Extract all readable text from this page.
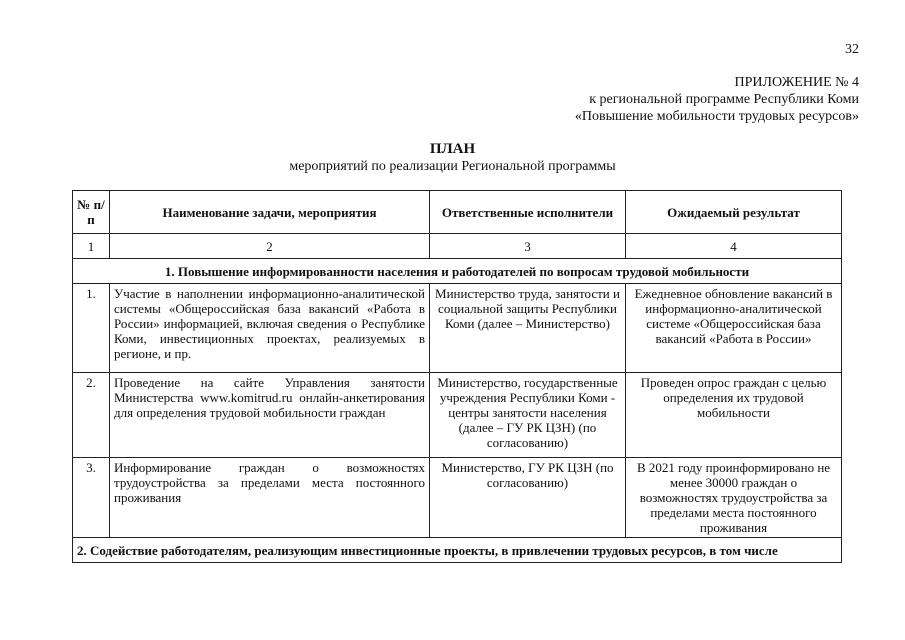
32
ПРИЛОЖЕНИЕ № 4
к региональной программе Республики Коми
«Повышение мобильности трудовых ресурсов»
ПЛАН
мероприятий по реализации Региональной программы
№ п/п	Наименование задачи, мероприятия	Ответственные исполнители	Ожидаемый результат
1	2	3	4
1. Повышение информированности населения и работодателей по вопросам трудовой мобильности			
1.	Участие в наполнении информационно-аналитической системы «Общероссийская база вакансий «Работа в России» информацией, включая сведения о Республике Коми, инвестиционных проектах, реализуемых в регионе, и пр.	Министерство труда, занятости и социальной защиты Республики Коми (далее – Министерство)	Ежедневное обновление вакансий в информационно-аналитической системе «Общероссийская база вакансий «Работа в России»
2.	Проведение на сайте Управления занятости Министерства www.komitrud.ru онлайн-анкетирования для определения трудовой мобильности граждан	Министерство, государственные учреждения Республики Коми - центры занятости населения (далее – ГУ РК ЦЗН) (по согласованию)	Проведен опрос граждан с целью определения их трудовой мобильности
3.	Информирование граждан о возможностях трудоустройства за пределами места постоянного проживания	Министерство, ГУ РК ЦЗН (по согласованию)	В 2021 году проинформировано не менее 30000 граждан о возможностях трудоустройства за пределами места постоянного проживания
2. Содействие работодателям, реализующим инвестиционные проекты, в привлечении трудовых ресурсов, в том числе			
